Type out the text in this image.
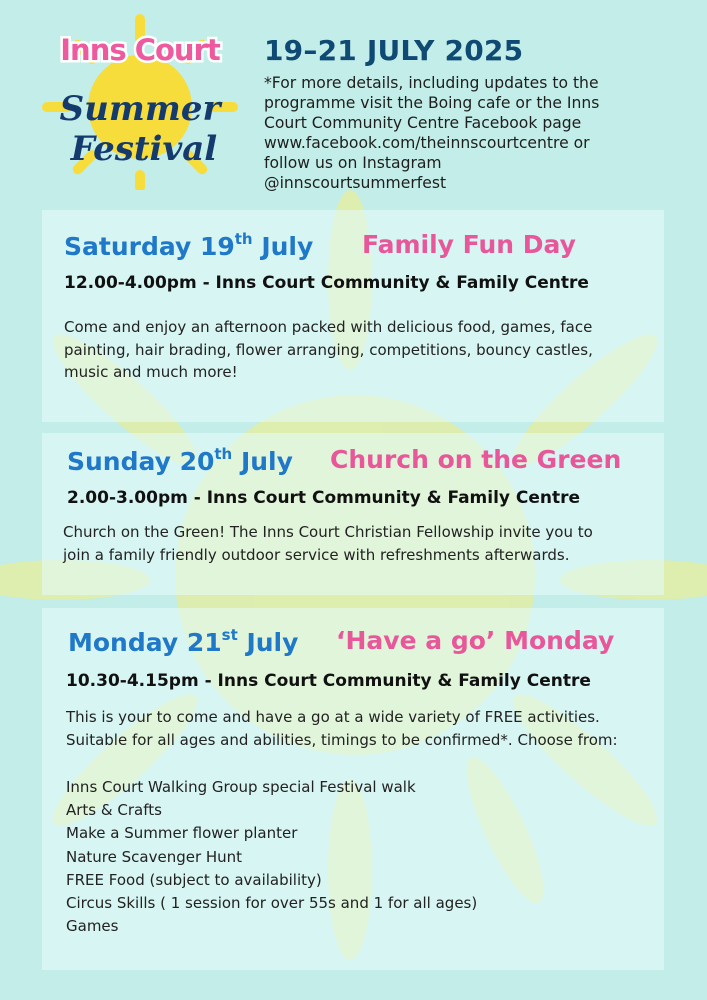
Inns Court
Summer
Festival
19–21 JULY 2025
*For more details, including updates to the
programme visit the Boing cafe or the Inns
Court Community Centre Facebook page
www.facebook.com/theinnscourtcentre or
follow us on Instagram
@innscourtsummerfest
Saturday 19th July Family Fun Day
12.00-4.00pm - Inns Court Community & Family Centre
Come and enjoy an afternoon packed with delicious food, games, face
painting, hair brading, flower arranging, competitions, bouncy castles,
music and much more!
Sunday 20th July Church on the Green
2.00-3.00pm - Inns Court Community & Family Centre
Church on the Green! The Inns Court Christian Fellowship invite you to
join a family friendly outdoor service with refreshments afterwards.
Monday 21st July ‘Have a go’ Monday
10.30-4.15pm - Inns Court Community & Family Centre
This is your to come and have a go at a wide variety of FREE activities.
Suitable for all ages and abilities, timings to be confirmed*. Choose from:
Inns Court Walking Group special Festival walk
Arts & Crafts
Make a Summer flower planter
Nature Scavenger Hunt
FREE Food (subject to availability)
Circus Skills ( 1 session for over 55s and 1 for all ages)
Games
